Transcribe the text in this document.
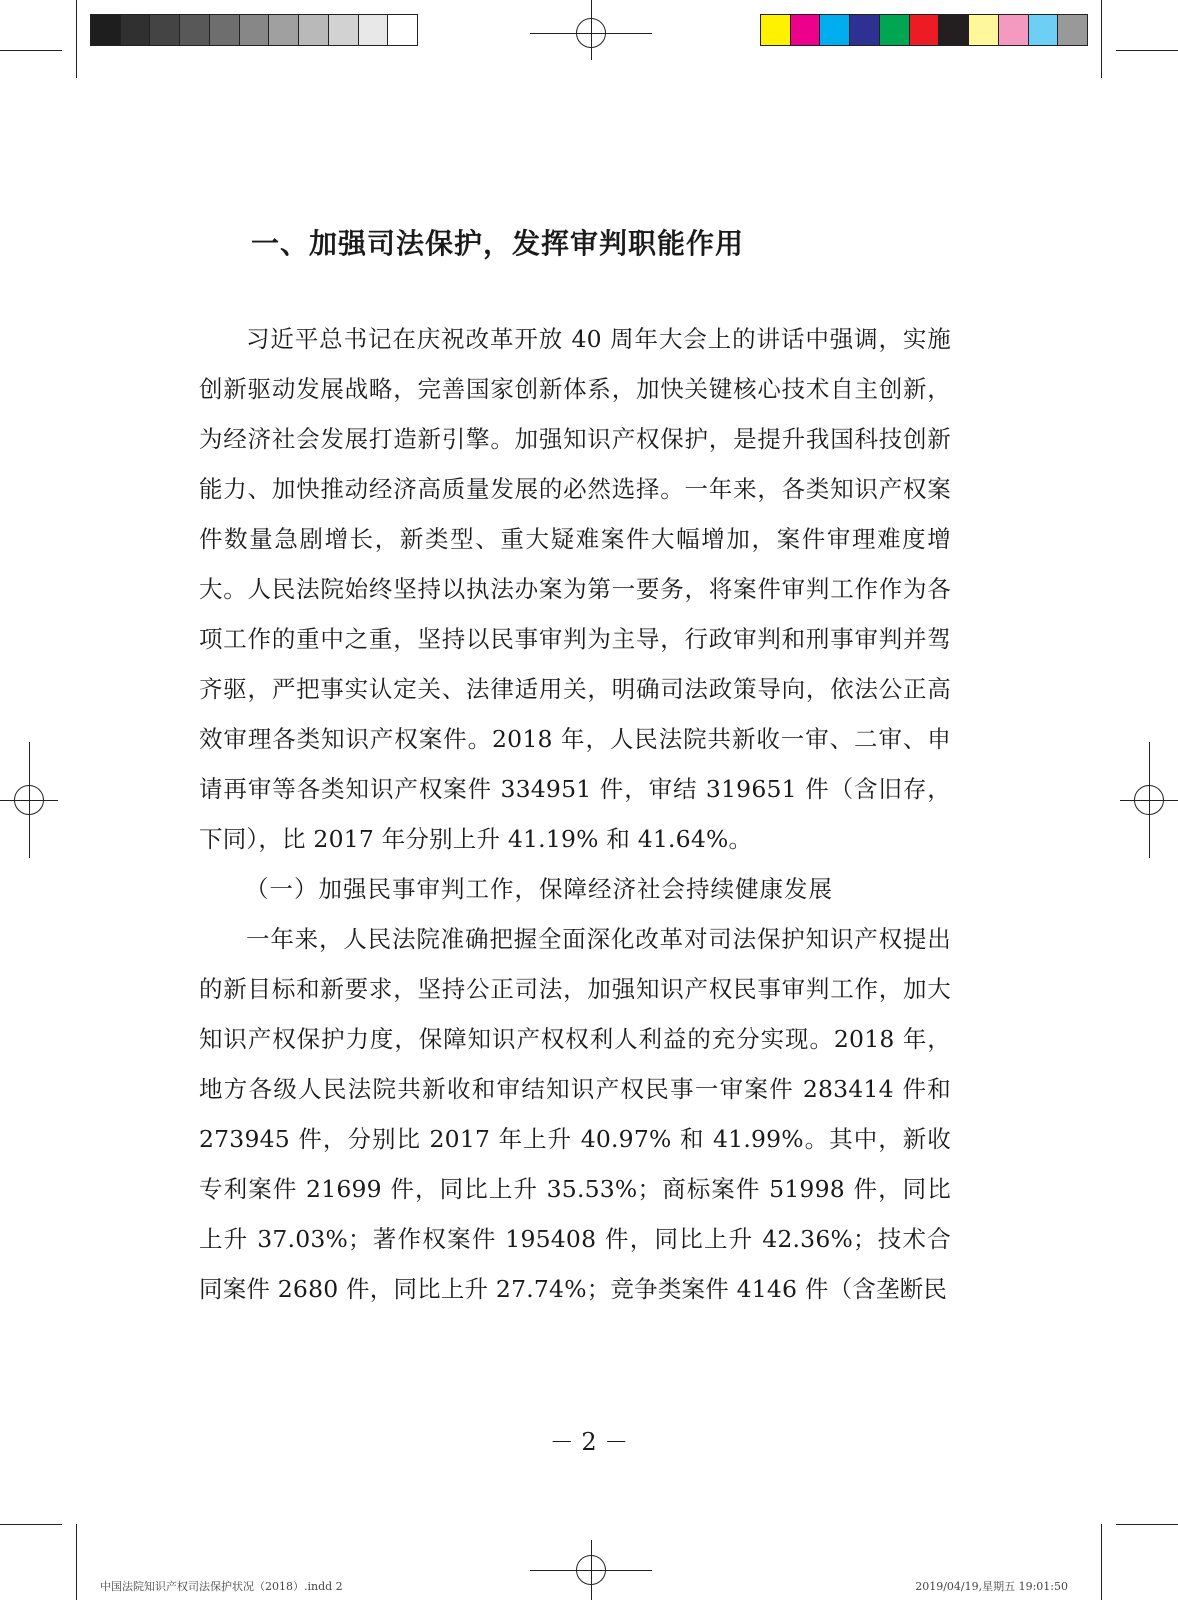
一、加强司法保护，发挥审判职能作用

习近平总书记在庆祝改革开放 40 周年大会上的讲话中强调，实施创新驱动发展战略，完善国家创新体系，加快关键核心技术自主创新，为经济社会发展打造新引擎。加强知识产权保护，是提升我国科技创新能力、加快推动经济高质量发展的必然选择。一年来，各类知识产权案件数量急剧增长，新类型、重大疑难案件大幅增加，案件审理难度增大。人民法院始终坚持以执法办案为第一要务，将案件审判工作作为各项工作的重中之重，坚持以民事审判为主导，行政审判和刑事审判并驾齐驱，严把事实认定关、法律适用关，明确司法政策导向，依法公正高效审理各类知识产权案件。2018 年，人民法院共新收一审、二审、申请再审等各类知识产权案件 334951 件，审结 319651 件（含旧存，下同），比 2017 年分别上升 41.19% 和 41.64%。

（一）加强民事审判工作，保障经济社会持续健康发展

一年来，人民法院准确把握全面深化改革对司法保护知识产权提出的新目标和新要求，坚持公正司法，加强知识产权民事审判工作，加大知识产权保护力度，保障知识产权权利人利益的充分实现。2018 年，地方各级人民法院共新收和审结知识产权民事一审案件 283414 件和 273945 件，分别比 2017 年上升 40.97% 和 41.99%。其中，新收专利案件 21699 件，同比上升 35.53%；商标案件 51998 件，同比上升 37.03%；著作权案件 195408 件，同比上升 42.36%；技术合同案件 2680 件，同比上升 27.74%；竞争类案件 4146 件（含垄断民

－ 2 －
中国法院知识产权司法保护状况（2018）.indd 2	2019/04/19,星期五 19:01:50
